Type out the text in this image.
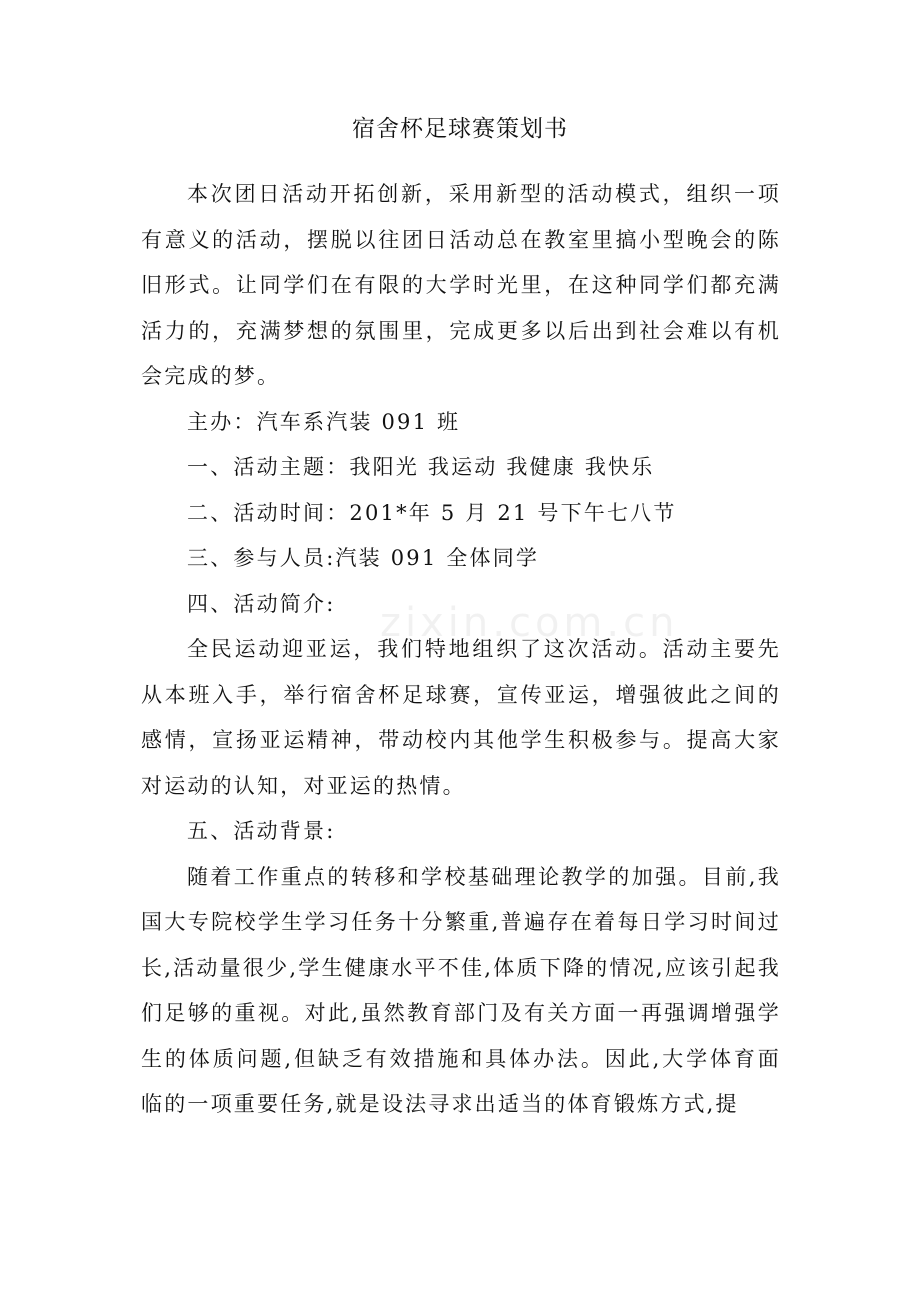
宿舍杯足球赛策划书

本次团日活动开拓创新，采用新型的活动模式，组织一项有意义的活动，摆脱以往团日活动总在教室里搞小型晚会的陈旧形式。让同学们在有限的大学时光里，在这种同学们都充满活力的，充满梦想的氛围里，完成更多以后出到社会难以有机会完成的梦。

主办：汽车系汽装 091 班

一、活动主题：我阳光 我运动 我健康 我快乐

二、活动时间：201*年 5 月 21 号下午七八节

三、参与人员:汽装 091 全体同学

四、活动简介:

全民运动迎亚运，我们特地组织了这次活动。活动主要先从本班入手，举行宿舍杯足球赛，宣传亚运，增强彼此之间的感情，宣扬亚运精神，带动校内其他学生积极参与。提高大家对运动的认知，对亚运的热情。

五、活动背景:

随着工作重点的转移和学校基础理论教学的加强。目前,我国大专院校学生学习任务十分繁重,普遍存在着每日学习时间过长,活动量很少,学生健康水平不佳,体质下降的情况,应该引起我们足够的重视。对此,虽然教育部门及有关方面一再强调增强学生的体质问题,但缺乏有效措施和具体办法。因此,大学体育面临的一项重要任务,就是设法寻求出适当的体育锻炼方式,提

zixin.com.cn
